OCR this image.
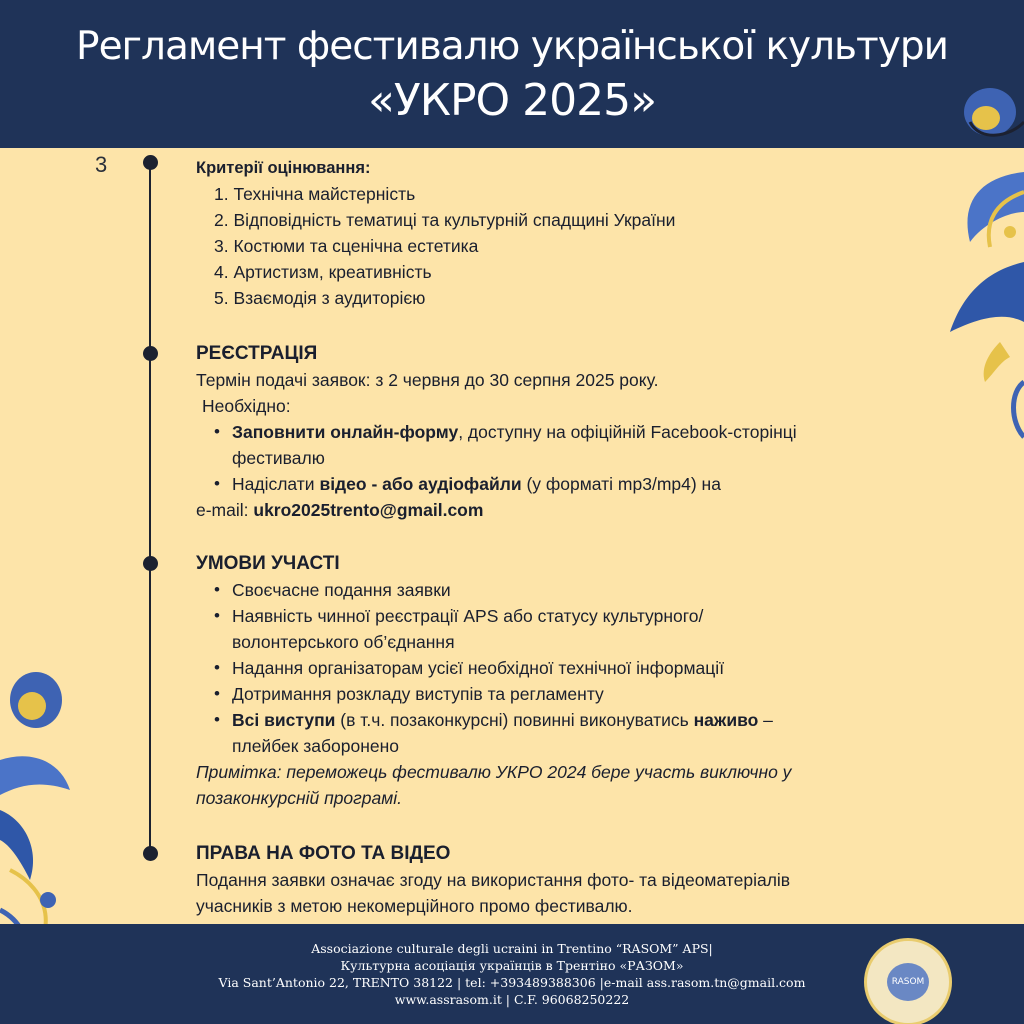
Регламент фестивалю української культури
«УКРО 2025»
3	Критерії оцінювання:
1. Технічна майстерність
2. Відповідність тематиці та культурній спадщині України
3. Костюми та сценічна естетика
4. Артистизм, креативність
5. Взаємодія з аудиторією
РЕЄСТРАЦІЯ
Термін подачі заявок: з 2 червня до 30 серпня 2025 року.
Необхідно:
• Заповнити онлайн-форму, доступну на офіційній Facebook-сторінці
фестивалю
• Надіслати відео - або аудіофайли (у форматі mp3/mp4) на
e-mail: ukro2025trento@gmail.com
УМОВИ УЧАСТІ
• Своєчасне подання заявки
• Наявність чинної реєстрації APS або статусу культурного/
волонтерського об’єднання
• Надання організаторам усієї необхідної технічної інформації
• Дотримання розкладу виступів та регламенту
• Всі виступи (в т.ч. позаконкурсні) повинні виконуватись наживо –
плейбек заборонено
Примітка: переможець фестивалю УКРО 2024 бере участь виключно у
позаконкурсній програмі.
ПРАВА НА ФОТО ТА ВІДЕО
Подання заявки означає згоду на використання фото- та відеоматеріалів
учасників з метою некомерційного промо фестивалю.
Associazione culturale degli ucraini in Trentino “RASOM” APS|
Культурна асоціація українців в Трентіно «РАЗОМ»
Via Sant’Antonio 22, TRENTO 38122 | tel: +393489388306 |e-mail ass.rasom.tn@gmail.com
www.assrasom.it | C.F. 96068250222
RASOM
